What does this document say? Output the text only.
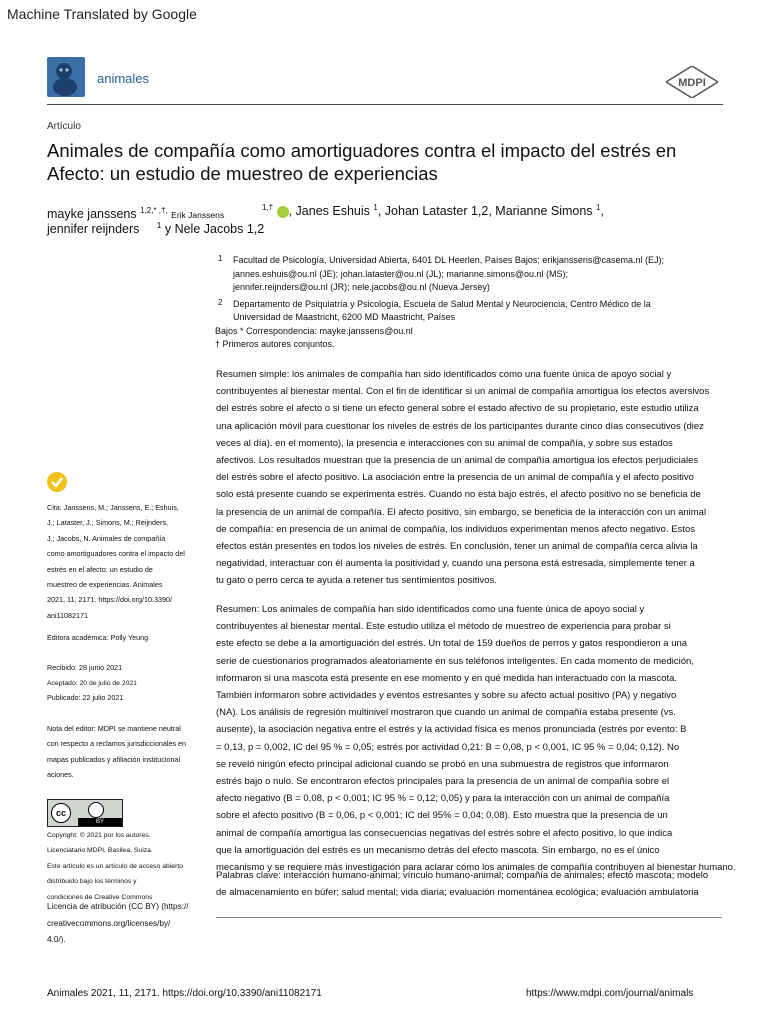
Machine Translated by Google
animales	MDPI
Artículo
Animales de compañía como amortiguadores contra el impacto del estrés en
Afecto: un estudio de muestreo de experiencias
mayke janssens $^{1,2,* ,\dagger,}$ Erik Janssens
$^{1,\dagger}$ , Janes Eshuis $^1$, Johan Lataster 1,2, Marianne Simons $^1$,
jennifer reijnders $^1$ y Nele Jacobs 1,2
1	Facultad de Psicología, Universidad Abierta, 6401 DL Heerlen, Países Bajos; erikjanssens@casema.nl (EJ);
jannes.eshuis@ou.nl (JE); johan.lataster@ou.nl (JL); marianne.simons@ou.nl (MS);
jennifer.reijnders@ou.nl (JR); nele.jacobs@ou.nl (Nueva Jersey)
2	Departamento de Psiquiatría y Psicología, Escuela de Salud Mental y Neurociencia, Centro Médico de la
Universidad de Maastricht, 6200 MD Maastricht, Países
Bajos * Correspondencia: mayke.janssens@ou.nl
† Primeros autores conjuntos.
Resumen simple: los animales de compañía han sido identificados como una fuente única de apoyo social y
contribuyentes al bienestar mental. Con el fin de identificar si un animal de compañía amortigua los efectos aversivos
del estrés sobre el afecto o si tiene un efecto general sobre el estado afectivo de su propietario, este estudio utiliza
una aplicación móvil para cuestionar los niveles de estrés de los participantes durante cinco días consecutivos (diez
veces al día). en el momento), la presencia e interacciones con su animal de compañía, y sobre sus estados
afectivos. Los resultados muestran que la presencia de un animal de compañía amortigua los efectos perjudiciales
del estrés sobre el afecto positivo. La asociación entre la presencia de un animal de compañía y el afecto positivo
solo está presente cuando se experimenta estrés. Cuando no está bajo estrés, el afecto positivo no se beneficia de
la presencia de un animal de compañía. El afecto positivo, sin embargo, se beneficia de la interacción con un animal
de compañía: en presencia de un animal de compañía, los individuos experimentan menos afecto negativo. Estos
efectos están presentes en todos los niveles de estrés. En conclusión, tener un animal de compañía cerca alivia la
negatividad, interactuar con él aumenta la positividad y, cuando una persona está estresada, simplemente tener a
tu gato o perro cerca te ayuda a retener tus sentimientos positivos.
Resumen: Los animales de compañía han sido identificados como una fuente única de apoyo social y
contribuyentes al bienestar mental. Este estudio utiliza el método de muestreo de experiencia para probar si
este efecto se debe a la amortiguación del estrés. Un total de 159 dueños de perros y gatos respondieron a una
serie de cuestionarios programados aleatoriamente en sus teléfonos inteligentes. En cada momento de medición,
informaron si una mascota está presente en ese momento y en qué medida han interactuado con la mascota.
También informaron sobre actividades y eventos estresantes y sobre su afecto actual positivo (PA) y negativo
(NA). Los análisis de regresión multinivel mostraron que cuando un animal de compañía estaba presente (vs.
ausente), la asociación negativa entre el estrés y la actividad física es menos pronunciada (estrés por evento: B
= 0,13, p = 0,002, IC del 95 % = 0,05; estrés por actividad 0,21: B = 0,08, p < 0,001, IC 95 % = 0,04; 0,12). No
se reveló ningún efecto principal adicional cuando se probó en una submuestra de registros que informaron
estrés bajo o nulo. Se encontraron efectos principales para la presencia de un animal de compañía sobre el
afecto negativo (B = 0,08, p < 0,001; IC 95 % = 0,12; 0,05) y para la interacción con un animal de compañía
sobre el afecto positivo (B = 0,06, p < 0,001; IC del 95% = 0,04; 0,08). Esto muestra que la presencia de un
animal de compañía amortigua las consecuencias negativas del estrés sobre el afecto positivo, lo que indica
que la amortiguación del estrés es un mecanismo detrás del efecto mascota. Sin embargo, no es el único
mecanismo y se requiere más investigación para aclarar cómo los animales de compañía contribuyen al bienestar humano.
Palabras clave: interacción humano-animal; vínculo humano-animal; compañía de animales; efecto mascota; modelo
de almacenamiento en búfer; salud mental; vida diaria; evaluación momentánea ecológica; evaluación ambulatoria
Cita: Janssens, M.; Janssens, E.; Eshuis,
J.; Lataster, J.; Simons, M.; Reijnders,
J.; Jacobs, N. Animales de compañía
como amortiguadores contra el impacto del
estrés en el afecto: un estudio de
muestreo de experiencias. Animales
2021, 11, 2171. https://doi.org/10.3390/
ani11082171
Editora académica: Polly Yeung
Recibido: 28 junio 2021
Aceptado: 20 de julio de 2021
Publicado: 22 julio 2021
Nota del editor: MDPI se mantiene neutral
con respecto a reclamos jurisdiccionales en
mapas publicados y afiliación institucional
aciones.
cc
BY
Copyright: © 2021 por los autores.
Licenciatario MDPI, Basilea, Suiza.
Este artículo es un artículo de acceso abierto
distribuido bajo los términos y
condiciones de Creative Commons
Licencia de atribución (CC BY) (https://
creativecommons.org/licenses/by/
4.0/).
Animales 2021, 11, 2171. https://doi.org/10.3390/ani11082171	https://www.mdpi.com/journal/animals
